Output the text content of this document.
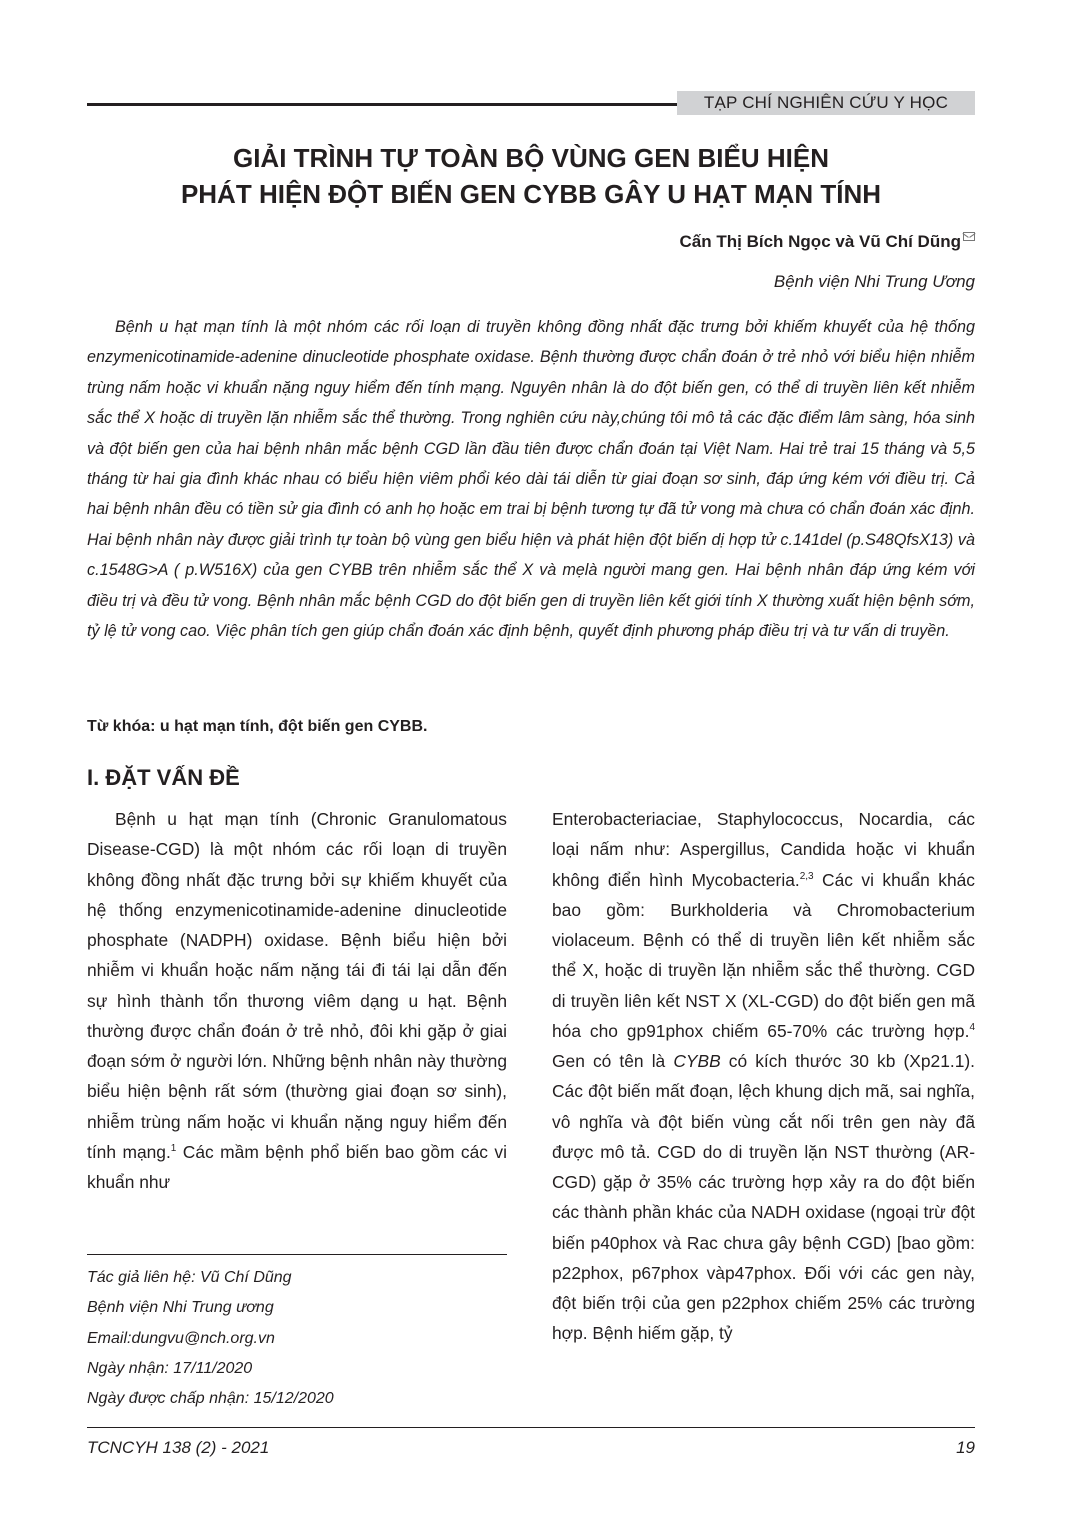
TẠP CHÍ NGHIÊN CỨU Y HỌC
GIẢI TRÌNH TỰ TOÀN BỘ VÙNG GEN BIỂU HIỆN
PHÁT HIỆN ĐỘT BIẾN GEN CYBB GÂY U HẠT MẠN TÍNH
Cấn Thị Bích Ngọc và Vũ Chí Dũng
Bệnh viện Nhi Trung Ương

Bệnh u hạt mạn tính là một nhóm các rối loạn di truyền không đồng nhất đặc trưng bởi khiếm khuyết của hệ thống enzymenicotinamide-adenine dinucleotide phosphate oxidase. Bệnh thường được chẩn đoán ở trẻ nhỏ với biểu hiện nhiễm trùng nấm hoặc vi khuẩn nặng nguy hiểm đến tính mạng. Nguyên nhân là do đột biến gen, có thể di truyền liên kết nhiễm sắc thể X hoặc di truyền lặn nhiễm sắc thể thường. Trong nghiên cứu này,chúng tôi mô tả các đặc điểm lâm sàng, hóa sinh và đột biến gen của hai bệnh nhân mắc bệnh CGD lần đầu tiên được chẩn đoán tại Việt Nam. Hai trẻ trai 15 tháng và 5,5 tháng từ hai gia đình khác nhau có biểu hiện viêm phổi kéo dài tái diễn từ giai đoạn sơ sinh, đáp ứng kém với điều trị. Cả hai bệnh nhân đều có tiền sử gia đình có anh họ hoặc em trai bị bệnh tương tự đã tử vong mà chưa có chẩn đoán xác định. Hai bệnh nhân này được giải trình tự toàn bộ vùng gen biểu hiện và phát hiện đột biến dị hợp tử c.141del (p.S48QfsX13) và c.1548G>A ( p.W516X) của gen CYBB trên nhiễm sắc thể X và mẹlà người mang gen. Hai bệnh nhân đáp ứng kém với điều trị và đều tử vong. Bệnh nhân mắc bệnh CGD do đột biến gen di truyền liên kết giới tính X thường xuất hiện bệnh sớm, tỷ lệ tử vong cao. Việc phân tích gen giúp chẩn đoán xác định bệnh, quyết định phương pháp điều trị và tư vấn di truyền.

Từ khóa: u hạt mạn tính, đột biến gen CYBB.
I. ĐẶT VẤN ĐỀ

Bệnh u hạt mạn tính (Chronic Granulomatous Disease-CGD) là một nhóm các rối loạn di truyền không đồng nhất đặc trưng bởi sự khiếm khuyết của hệ thống enzymenicotinamide-adenine dinucleotide phosphate (NADPH) oxidase. Bệnh biểu hiện bởi nhiễm vi khuẩn hoặc nấm nặng tái đi tái lại dẫn đến sự hình thành tổn thương viêm dạng u hạt. Bệnh thường được chẩn đoán ở trẻ nhỏ, đôi khi gặp ở giai đoạn sớm ở người lớn. Những bệnh nhân này thường biểu hiện bệnh rất sớm (thường giai đoạn sơ sinh), nhiễm trùng nấm hoặc vi khuẩn nặng nguy hiểm đến tính mạng.$^1$ Các mầm bệnh phổ biến bao gồm các vi khuẩn như

Enterobacteriaciae, Staphylococcus, Nocardia, các loại nấm như: Aspergillus, Candida hoặc vi khuẩn không điển hình Mycobacteria.$^{2,3}$ Các vi khuẩn khác bao gồm: Burkholderia và Chromobacterium violaceum. Bệnh có thể di truyền liên kết nhiễm sắc thể X, hoặc di truyền lặn nhiễm sắc thể thường. CGD di truyền liên kết NST X (XL-CGD) do đột biến gen mã hóa cho gp91phox chiếm 65-70% các trường hợp.$^4$ Gen có tên là CYBB có kích thước 30 kb (Xp21.1). Các đột biến mất đoạn, lệch khung dịch mã, sai nghĩa, vô nghĩa và đột biến vùng cắt nối trên gen này đã được mô tả. CGD do di truyền lặn NST thường (AR-CGD) gặp ở 35% các trường hợp xảy ra do đột biến các thành phần khác của NADH oxidase (ngoại trừ đột biến p40phox và Rac chưa gây bệnh CGD) [bao gồm: p22phox, p67phox vàp47phox. Đối với các gen này, đột biến trội của gen p22phox chiếm 25% các trường hợp. Bệnh hiếm gặp, tỷ

Tác giả liên hệ: Vũ Chí Dũng
Bệnh viện Nhi Trung ương
Email:dungvu@nch.org.vn
Ngày nhận: 17/11/2020
Ngày được chấp nhận: 15/12/2020
TCNCYH 138 (2) - 2021	19
